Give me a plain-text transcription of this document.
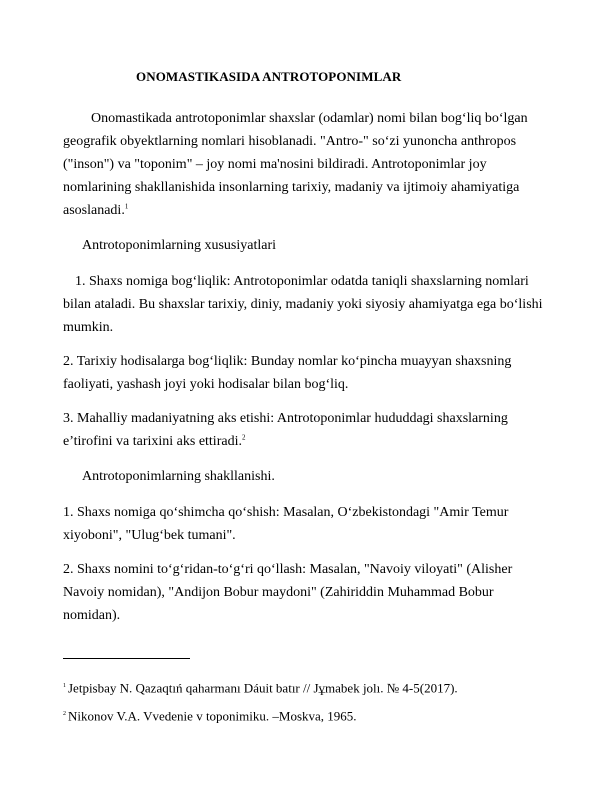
ONOMASTIKASIDA ANTROTOPONIMLAR

Onomastikada antrotoponimlar shaxslar (odamlar) nomi bilan bog‘liq bo‘lgan geografik obyektlarning nomlari hisoblanadi. "Antro-" so‘zi yunoncha anthropos ("inson") va "toponim" – joy nomi ma'nosini bildiradi. Antrotoponimlar joy nomlarining shakllanishida insonlarning tarixiy, madaniy va ijtimoiy ahamiyatiga asoslanadi.$^1$

Antrotoponimlarning xususiyatlari

1. Shaxs nomiga bog‘liqlik: Antrotoponimlar odatda taniqli shaxslarning nomlari bilan ataladi. Bu shaxslar tarixiy, diniy, madaniy yoki siyosiy ahamiyatga ega bo‘lishi mumkin.

2. Tarixiy hodisalarga bog‘liqlik: Bunday nomlar ko‘pincha muayyan shaxsning faoliyati, yashash joyi yoki hodisalar bilan bog‘liq.

3. Mahalliy madaniyatning aks etishi: Antrotoponimlar hududdagi shaxslarning e’tirofini va tarixini aks ettiradi.$^2$

Antrotoponimlarning shakllanishi.

1. Shaxs nomiga qo‘shimcha qo‘shish: Masalan, O‘zbekistondagi "Amir Temur xiyoboni", "Ulug‘bek tumani".

2. Shaxs nomini to‘g‘ridan-to‘g‘ri qo‘llash: Masalan, "Navoiy viloyati" (Alisher Navoiy nomidan), "Andijon Bobur maydoni" (Zahiriddin Muhammad Bobur nomidan).

$^1$ Jetpisbay N. Qazaqtıń qaharmanı Dáuit batır // Jұmabek jolı. № 4-5(2017).
$^2$ Nikonov V.A. Vvedenie v toponimiku. –Moskva, 1965.
